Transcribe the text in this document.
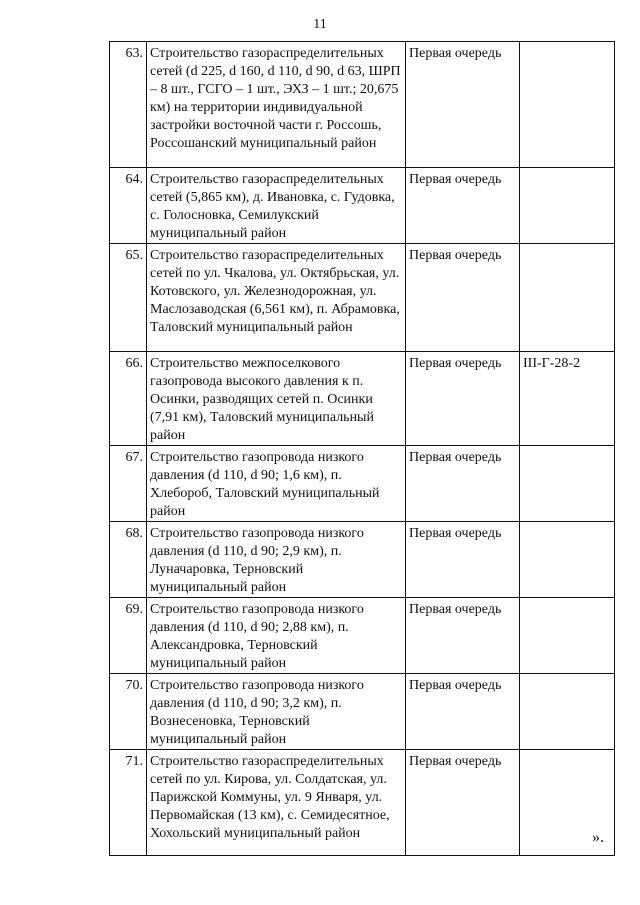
11
63.	Строительство газораспределительных сетей (d 225, d 160, d 110, d 90, d 63, ШРП – 8 шт., ГСГО – 1 шт., ЭХЗ – 1 шт.; 20,675 км) на территории индивидуальной застройки восточной части г. Россошь, Россошанский муниципальный район	Первая очередь	
64.	Строительство газораспределительных сетей (5,865 км), д. Ивановка, с. Гудовка, с. Голосновка, Семилукский муниципальный район	Первая очередь	
65.	Строительство газораспределительных сетей по ул. Чкалова, ул. Октябрьская, ул. Котовского, ул. Железнодорожная, ул. Маслозаводская (6,561 км), п. Абрамовка, Таловский муниципальный район	Первая очередь	
66.	Строительство межпоселкового газопровода высокого давления к п. Осинки, разводящих сетей п. Осинки (7,91 км), Таловский муниципальный район	Первая очередь	III-Г-28-2
67.	Строительство газопровода низкого давления (d 110, d 90; 1,6 км), п. Хлебороб, Таловский муниципальный район	Первая очередь	
68.	Строительство газопровода низкого давления (d 110, d 90; 2,9 км), п. Луначаровка, Терновский муниципальный район	Первая очередь	
69.	Строительство газопровода низкого давления (d 110, d 90; 2,88 км), п. Александровка, Терновский муниципальный район	Первая очередь	
70.	Строительство газопровода низкого давления (d 110, d 90; 3,2 км), п. Вознесеновка, Терновский муниципальный район	Первая очередь	
71.	Строительство газораспределительных сетей по ул. Кирова, ул. Солдатская, ул. Парижской Коммуны, ул. 9 Января, ул. Первомайская (13 км), с. Семидесятное, Хохольский муниципальный район	Первая очередь	
».
